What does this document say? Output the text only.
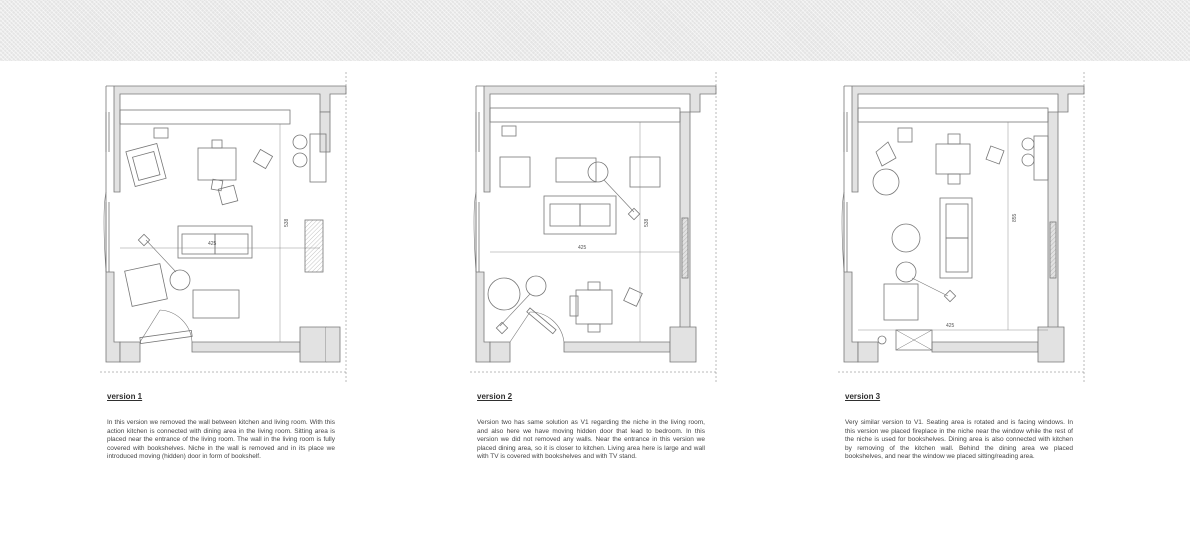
425
538
425
538
425
855

version 1

In this version we removed the wall between kitchen and living room. With this action kitchen is connected with dining area in the living room. Sitting area is placed near the entrance of the living room. The wall in the living room is fully covered with bookshelves. Niche in the wall is removed and in its place we introduced moving (hidden) door in form of bookshelf.

version 2

Version two has same solution as V1 regarding the niche in the living room, and also here we have moving hidden door that lead to bedroom. In this version we did not removed any walls. Near the entrance in this version we placed dining area, so it is closer to kitchen. Living area here is large and wall with TV is covered with bookshelves and with TV stand.

version 3

Very similar version to V1. Seating area is rotated and is facing windows. In this version we placed fireplace in the niche near the window while the rest of the niche is used for bookshelves. Dining area is also connected with kitchen by removing of the kitchen wall. Behind the dining area we placed bookshelves, and near the window we placed sitting/reading area.
